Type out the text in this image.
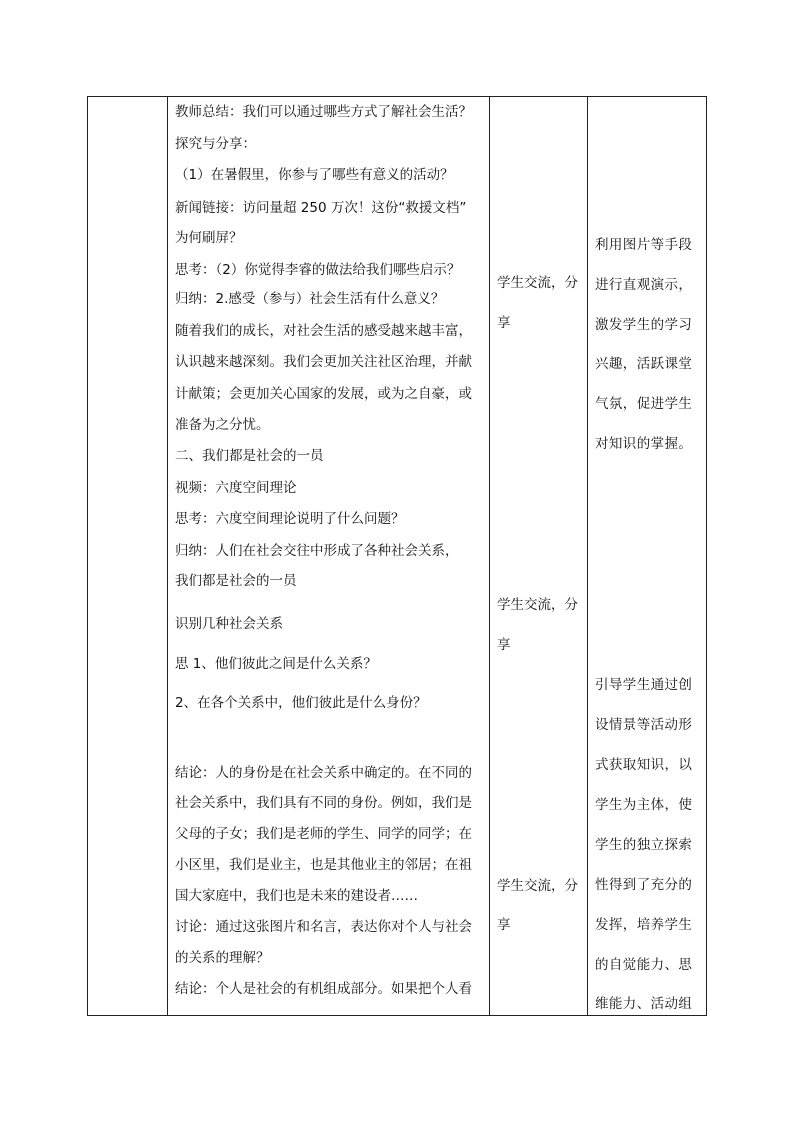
教师总结：我们可以通过哪些方式了解社会生活？
探究与分享：
（1）在暑假里，你参与了哪些有意义的活动？
新闻链接：访问量超 250 万次！这份“救援文档”
为何刷屏？
思考：（2）你觉得李睿的做法给我们哪些启示？
归纳：2.感受（参与）社会生活有什么意义？
随着我们的成长，对社会生活的感受越来越丰富，
认识越来越深刻。我们会更加关注社区治理，并献
计献策；会更加关心国家的发展，或为之自豪，或
准备为之分忧。
二、我们都是社会的一员
视频：六度空间理论
思考：六度空间理论说明了什么问题？
归纳：人们在社会交往中形成了各种社会关系，
我们都是社会的一员
识别几种社会关系
思 1、他们彼此之间是什么关系？
2、在各个关系中，他们彼此是什么身份？
结论：人的身份是在社会关系中确定的。在不同的
社会关系中，我们具有不同的身份。例如，我们是
父母的子女；我们是老师的学生、同学的同学；在
小区里，我们是业主，也是其他业主的邻居；在祖
国大家庭中，我们也是未来的建设者……
讨论：通过这张图片和名言，表达你对个人与社会
的关系的理解？
结论：个人是社会的有机组成部分。如果把个人看
学生交流，分
享
学生交流，分
享
学生交流，分
享
利用图片等手段
进行直观演示，
激发学生的学习
兴趣，活跃课堂
气氛，促进学生
对知识的掌握。
引导学生通过创
设情景等活动形
式获取知识，以
学生为主体，使
学生的独立探索
性得到了充分的
发挥，培养学生
的自觉能力、思
维能力、活动组
